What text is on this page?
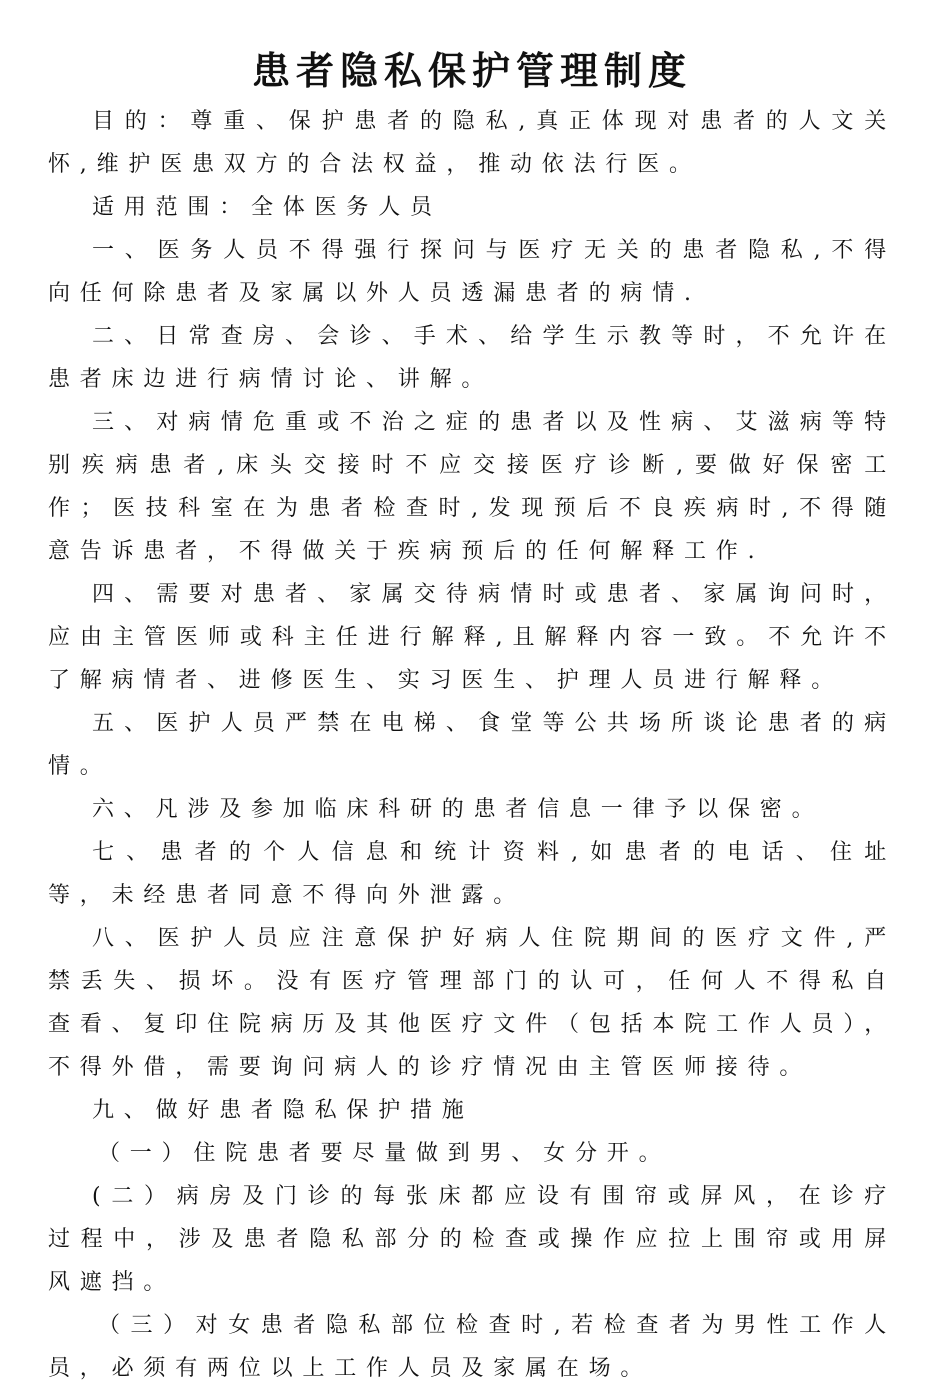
患者隐私保护管理制度

目的：尊重、保护患者的隐私,真正体现对患者的人文关怀,维护医患双方的合法权益，推动依法行医。

适用范围：全体医务人员

一、医务人员不得强行探问与医疗无关的患者隐私,不得向任何除患者及家属以外人员透漏患者的病情.

二、日常查房、会诊、手术、给学生示教等时，不允许在患者床边进行病情讨论、讲解。

三、对病情危重或不治之症的患者以及性病、艾滋病等特别疾病患者,床头交接时不应交接医疗诊断,要做好保密工作；医技科室在为患者检查时,发现预后不良疾病时,不得随意告诉患者，不得做关于疾病预后的任何解释工作.

四、需要对患者、家属交待病情时或患者、家属询问时，应由主管医师或科主任进行解释,且解释内容一致。不允许不了解病情者、进修医生、实习医生、护理人员进行解释。

五、医护人员严禁在电梯、食堂等公共场所谈论患者的病情。

六、凡涉及参加临床科研的患者信息一律予以保密。

七、患者的个人信息和统计资料,如患者的电话、住址等，未经患者同意不得向外泄露。

八、医护人员应注意保护好病人住院期间的医疗文件,严禁丢失、损坏。没有医疗管理部门的认可，任何人不得私自查看、复印住院病历及其他医疗文件（包括本院工作人员），不得外借，需要询问病人的诊疗情况由主管医师接待。

九、做好患者隐私保护措施

（一）住院患者要尽量做到男、女分开。

(二）病房及门诊的每张床都应设有围帘或屏风，在诊疗过程中，涉及患者隐私部分的检查或操作应拉上围帘或用屏风遮挡。

（三）对女患者隐私部位检查时,若检查者为男性工作人员，必须有两位以上工作人员及家属在场。
